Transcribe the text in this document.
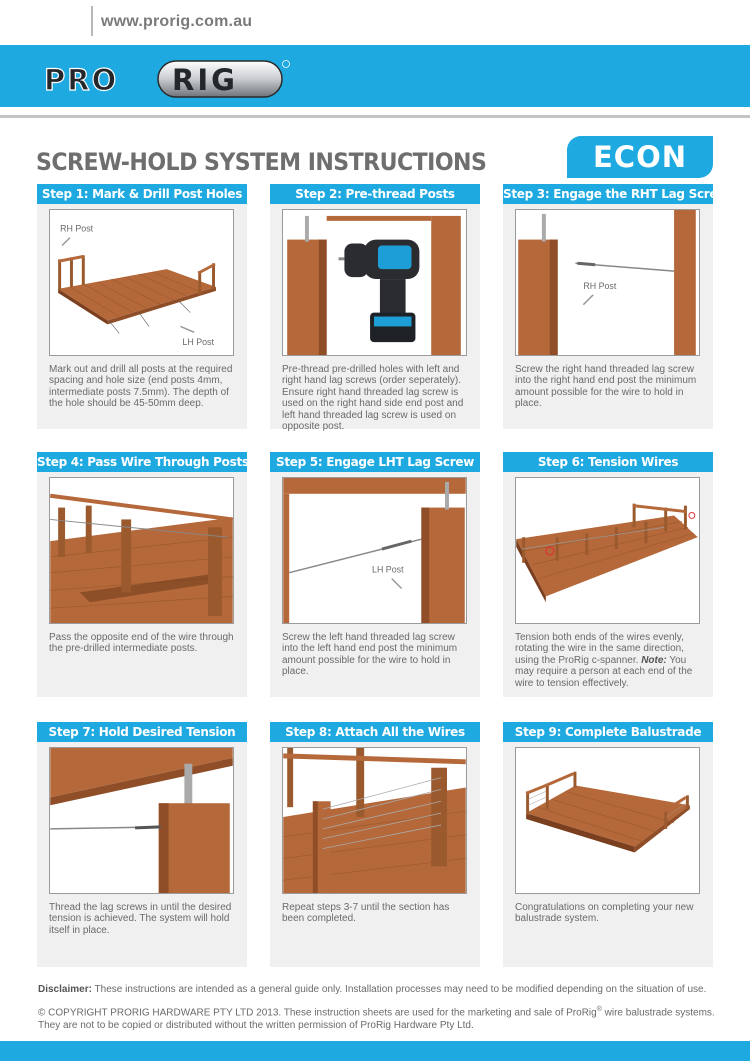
www.prorig.com.au
PRO RIG
SCREW-HOLD SYSTEM INSTRUCTIONS	ECON
Step 1: Mark & Drill Post Holes
RH Post
LH Post
Mark out and drill all posts at the required spacing and hole size (end posts 4mm, intermediate posts 7.5mm). The depth of the hole should be 45-50mm deep.
Step 2: Pre-thread Posts
Pre-thread pre-drilled holes with left and right hand lag screws (order seperately). Ensure right hand threaded lag screw is used on the right hand side end post and left hand threaded lag screw is used on opposite post.
Step 3: Engage the RHT Lag Screw
RH Post
Screw the right hand threaded lag screw into the right hand end post the minimum amount possible for the wire to hold in place.
Step 4: Pass Wire Through Posts
Pass the opposite end of the wire through the pre-drilled intermediate posts.
Step 5: Engage LHT Lag Screw
LH Post
Screw the left hand threaded lag screw into the left hand end post the minimum amount possible for the wire to hold in place.
Step 6: Tension Wires
Tension both ends of the wires evenly, rotating the wire in the same direction, using the ProRig c-spanner. Note: You may require a person at each end of the wire to tension effectively.
Step 7: Hold Desired Tension
Thread the lag screws in until the desired tension is achieved. The system will hold itself in place.
Step 8: Attach All the Wires
Repeat steps 3-7 until the section has been completed.
Step 9: Complete Balustrade
Congratulations on completing your new balustrade system.
Disclaimer: These instructions are intended as a general guide only. Installation processes may need to be modified depending on the situation of use.
© COPYRIGHT PRORIG HARDWARE PTY LTD 2013. These instruction sheets are used for the marketing and sale of ProRig® wire balustrade systems. They are not to be copied or distributed without the written permission of ProRig Hardware Pty Ltd.
